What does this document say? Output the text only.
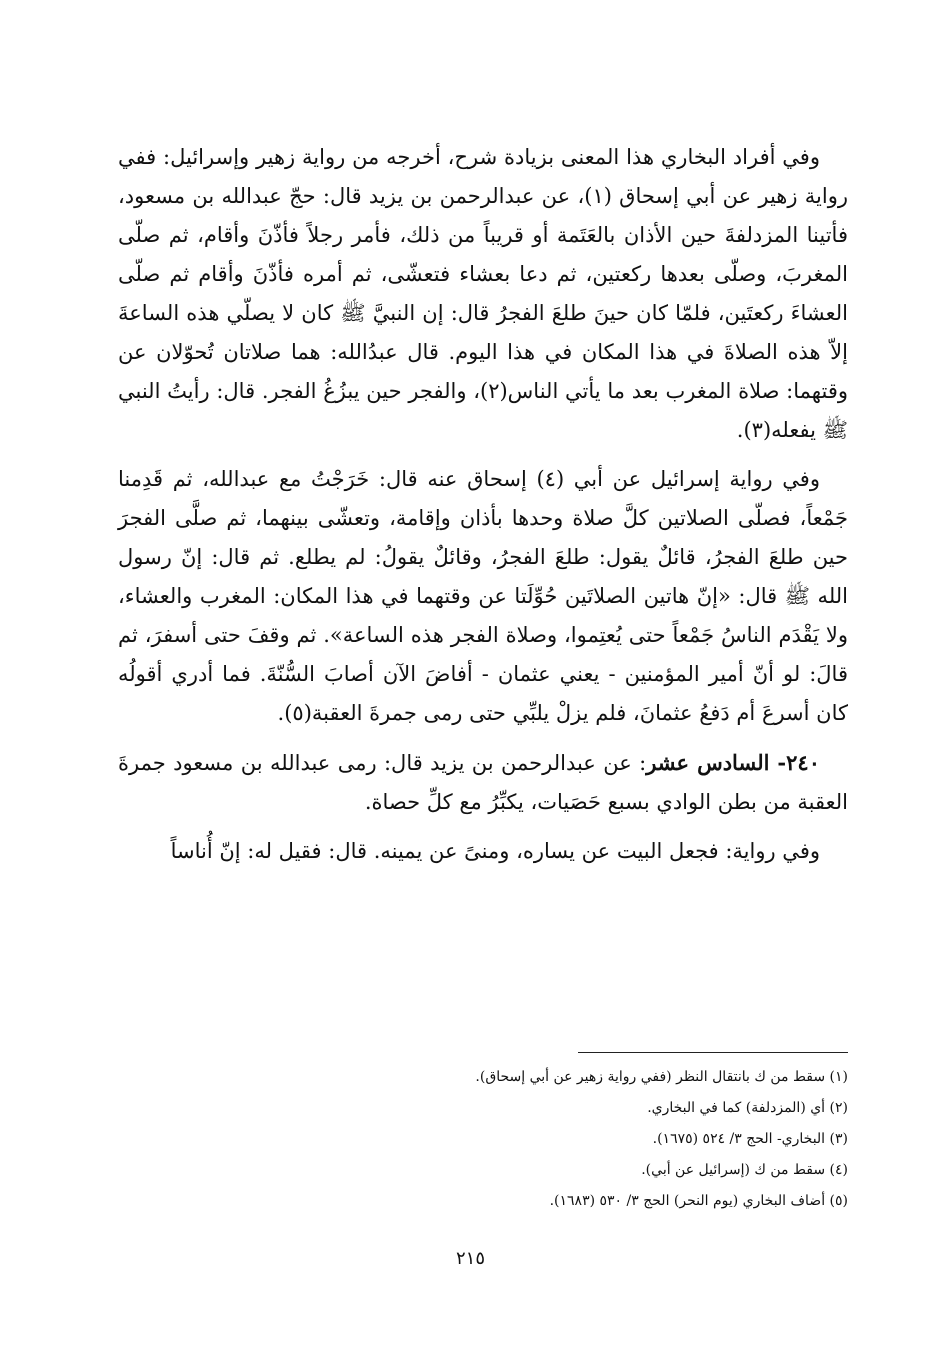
وفي أفراد البخاري هذا المعنى بزيادة شرح، أخرجه من رواية زهير وإسرائيل: ففي رواية زهير عن أبي إسحاق (١)، عن عبدالرحمن بن يزيد قال: حجّ عبدالله بن مسعود، فأتينا المزدلفةَ حين الأذان بالعَتَمة أو قريباً من ذلك، فأمر رجلاً فأذّنَ وأقام، ثم صلّى المغربَ، وصلّى بعدها ركعتين، ثم دعا بعشاء فتعشّى، ثم أمره فأذّنَ وأقام ثم صلّى العشاءَ ركعتَين، فلمّا كان حينَ طلعَ الفجرُ قال: إن النبيَّ ﷺ كان لا يصلّي هذه الساعةَ إلاّ هذه الصلاةَ في هذا المكان في هذا اليوم. قال عبدُالله: هما صلاتان تُحوّلان عن وقتهما: صلاة المغرب بعد ما يأتي الناس(٢)، والفجر حين يبزُغُ الفجر. قال: رأيتُ النبي ﷺ يفعله(٣).

وفي رواية إسرائيل عن أبي (٤) إسحاق عنه قال: خَرَجْتُ مع عبدالله، ثم قَدِمنا جَمْعاً، فصلّى الصلاتين كلَّ صلاة وحدها بأذان وإقامة، وتعشّى بينهما، ثم صلَّى الفجرَ حين طلعَ الفجرُ، قائلٌ يقول: طلعَ الفجرُ، وقائلٌ يقولُ: لم يطلع. ثم قال: إنّ رسول الله ﷺ قال: «إنّ هاتين الصلاتَين حُوِّلَتا عن وقتهما في هذا المكان: المغرب والعشاء، ولا يَقْدَم الناسُ جَمْعاً حتى يُعتِموا، وصلاة الفجر هذه الساعة». ثم وقفَ حتى أسفرَ، ثم قالَ: لو أنّ أمير المؤمنين - يعني عثمان - أفاضَ الآن أصابَ السُّنّةَ. فما أدري أقولُه كان أسرعَ أم دَفعُ عثمانَ، فلم يزلْ يلبِّي حتى رمى جمرةَ العقبة(٥).

٢٤٠- السادس عشر: عن عبدالرحمن بن يزيد قال: رمى عبدالله بن مسعود جمرةَ العقبة من بطن الوادي بسبع حَصَيات، يكبِّرُ مع كلِّ حصاة.

وفي رواية: فجعل البيت عن يساره، ومنىً عن يمينه. قال: فقيل له: إنّ أُناساً

(١) سقط من ك بانتقال النظر (ففي رواية زهير عن أبي إسحاق).

(٢) أي (المزدلفة) كما في البخاري.

(٣) البخاري- الحج ٣/ ٥٢٤ (١٦٧٥).

(٤) سقط من ك (إسرائيل عن أبي).

(٥) أضاف البخاري (يوم النحر) الحج ٣/ ٥٣٠ (١٦٨٣).

٢١٥
